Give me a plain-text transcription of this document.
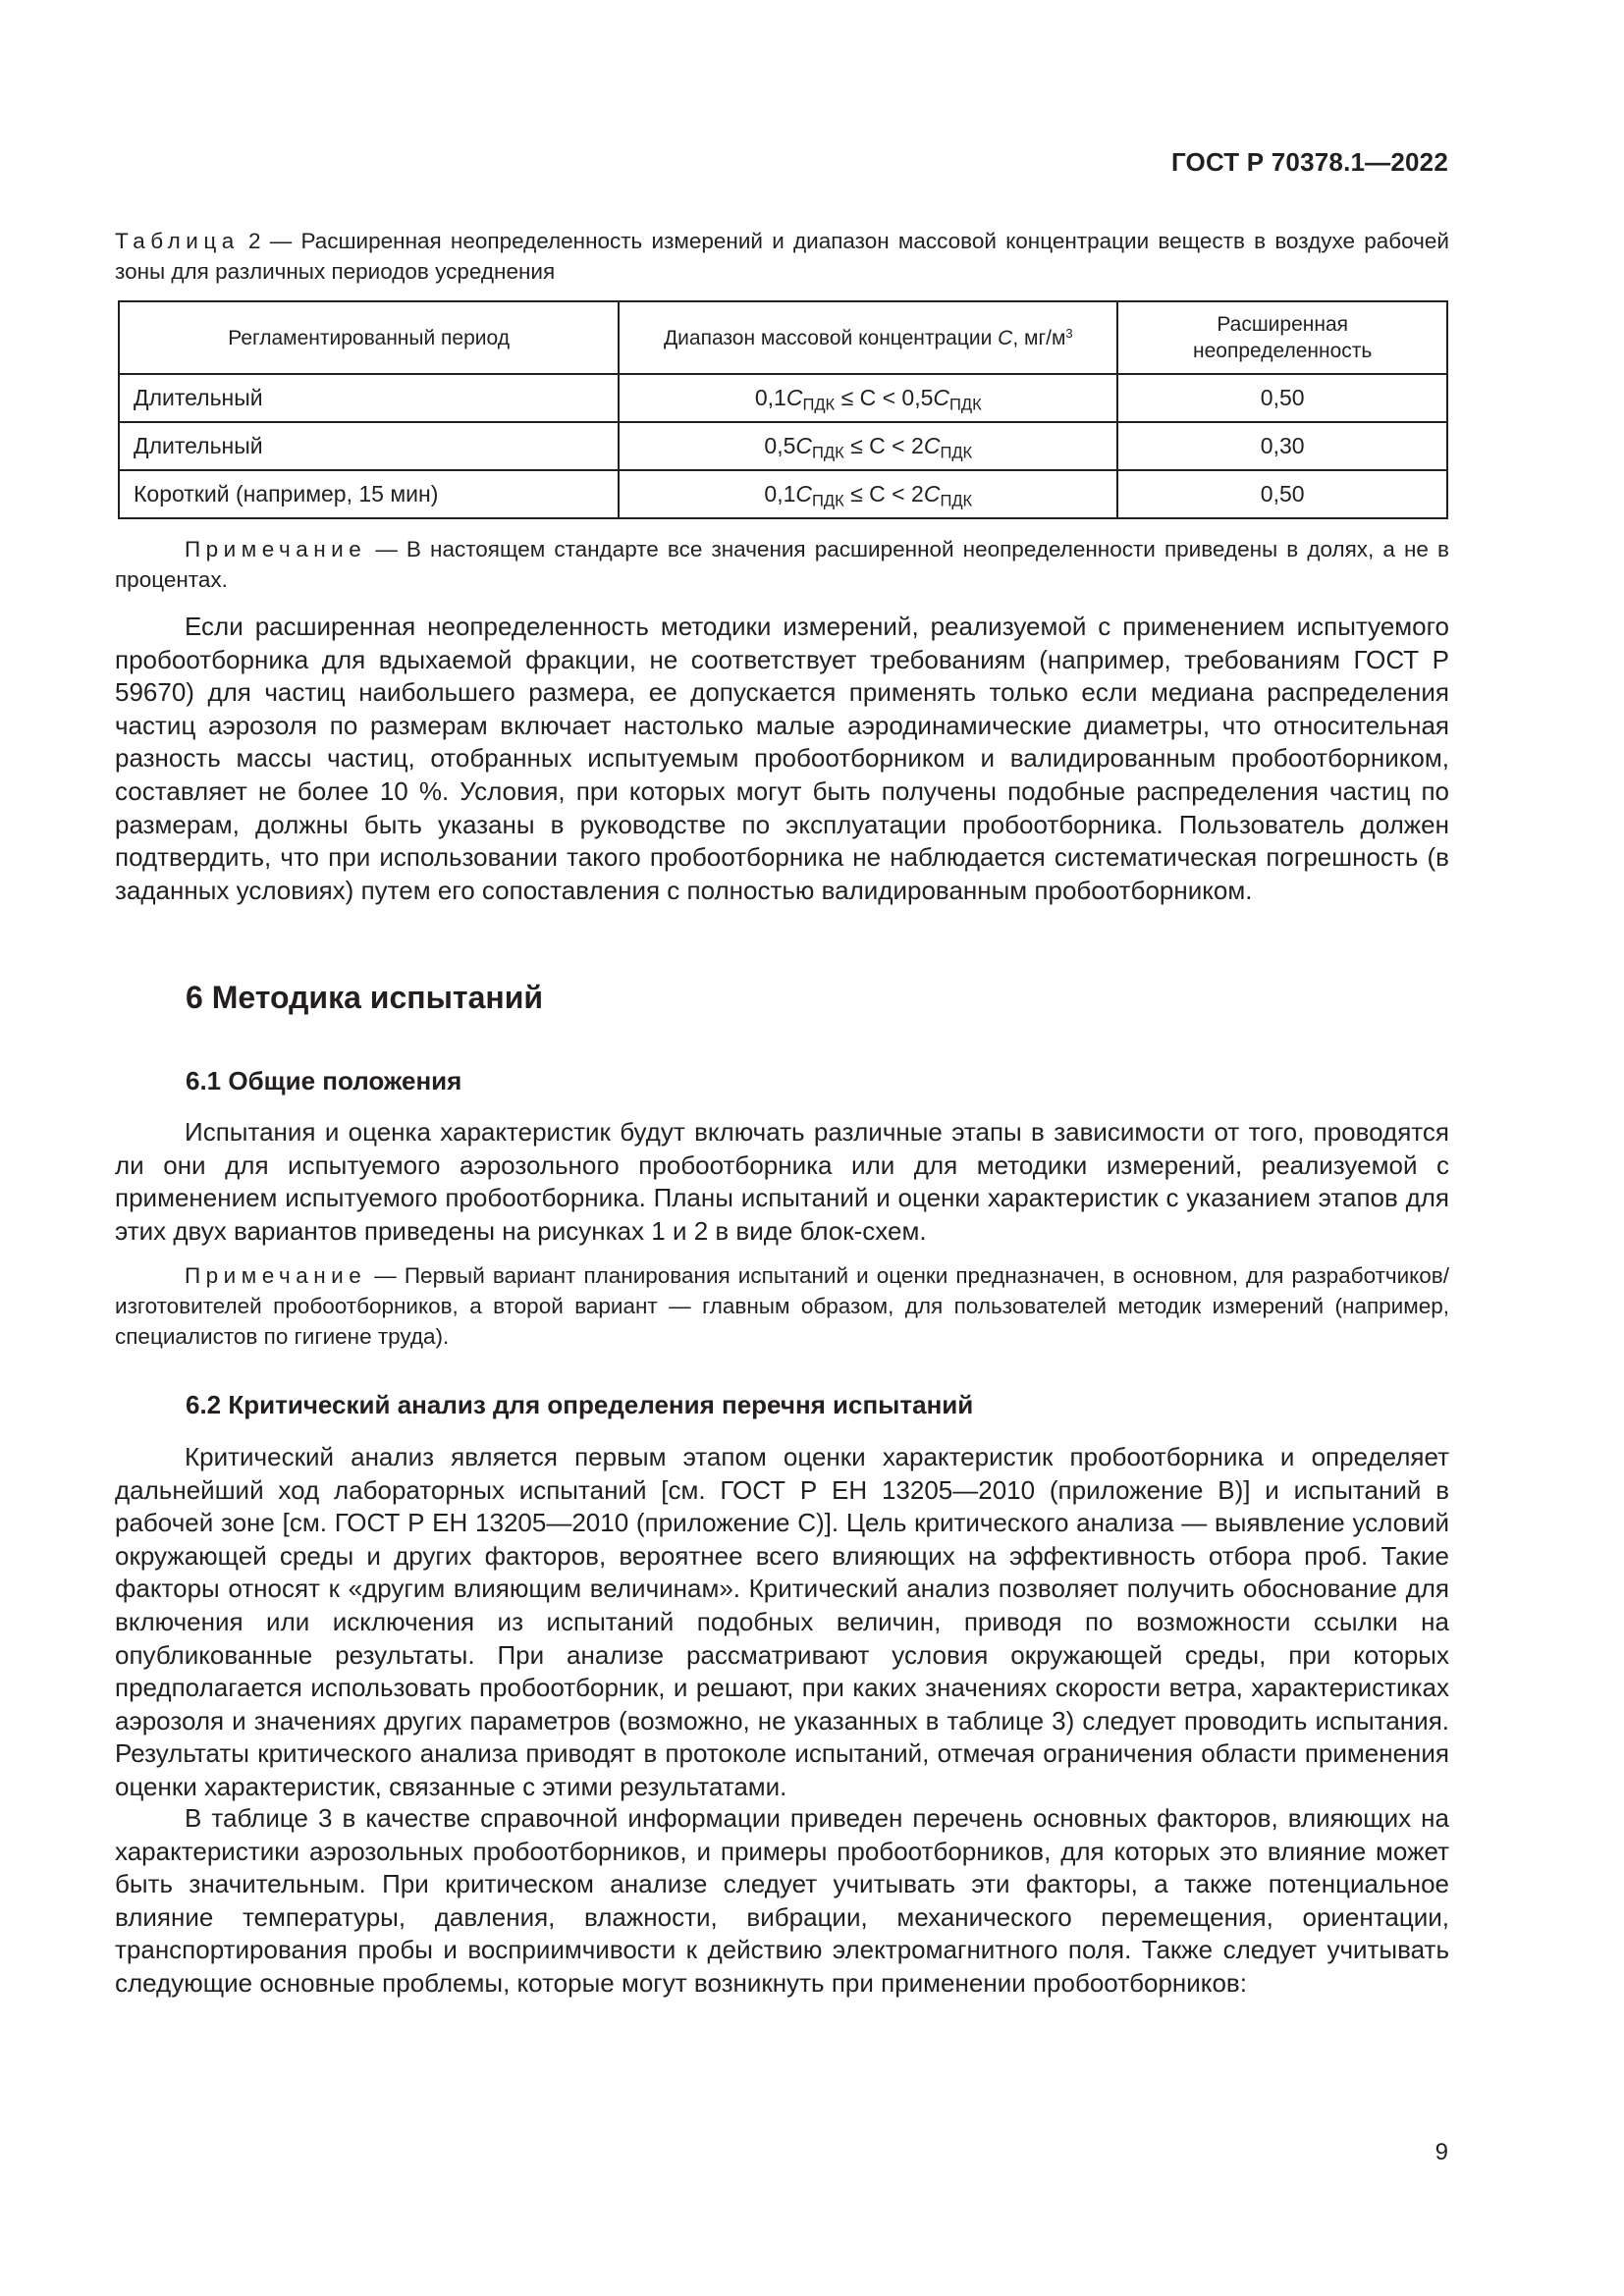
ГОСТ Р 70378.1—2022
Таблица 2 — Расширенная неопределенность измерений и диапазон массовой концентрации веществ в воздухе рабочей зоны для различных периодов усреднения
Регламентированный период	Диапазон массовой концентрации C, $мг/м^3$	Расширенная
неопределенность
Длительный	$0,1C_{ПДК} \le C < 0,5C_{ПДК}$	0,50
Длительный	$0,5C_{ПДК} \le C < 2C_{ПДК}$	0,30
Короткий (например, 15 мин)	$0,1C_{ПДК} \le C < 2C_{ПДК}$	0,50
Примечание — В настоящем стандарте все значения расширенной неопределенности приведены в долях, а не в процентах.
Если расширенная неопределенность методики измерений, реализуемой с применением испытуемого пробоотборника для вдыхаемой фракции, не соответствует требованиям (например, требованиям ГОСТ Р 59670) для частиц наибольшего размера, ее допускается применять только если медиана распределения частиц аэрозоля по размерам включает настолько малые аэродинамические диаметры, что относительная разность массы частиц, отобранных испытуемым пробоотборником и валидированным пробоотборником, составляет не более 10 %. Условия, при которых могут быть получены подобные распределения частиц по размерам, должны быть указаны в руководстве по эксплуатации пробоотборника. Пользователь должен подтвердить, что при использовании такого пробоотборника не наблюдается систематическая погрешность (в заданных условиях) путем его сопоставления с полностью валидированным пробоотборником.
6 Методика испытаний
6.1 Общие положения
Испытания и оценка характеристик будут включать различные этапы в зависимости от того, проводятся ли они для испытуемого аэрозольного пробоотборника или для методики измерений, реализуемой с применением испытуемого пробоотборника. Планы испытаний и оценки характеристик с указанием этапов для этих двух вариантов приведены на рисунках 1 и 2 в виде блок-схем.
Примечание — Первый вариант планирования испытаний и оценки предназначен, в основном, для разработчиков/изготовителей пробоотборников, а второй вариант — главным образом, для пользователей методик измерений (например, специалистов по гигиене труда).
6.2 Критический анализ для определения перечня испытаний
Критический анализ является первым этапом оценки характеристик пробоотборника и определяет дальнейший ход лабораторных испытаний [см. ГОСТ Р ЕН 13205—2010 (приложение В)] и испытаний в рабочей зоне [см. ГОСТ Р ЕН 13205—2010 (приложение С)]. Цель критического анализа — выявление условий окружающей среды и других факторов, вероятнее всего влияющих на эффективность отбора проб. Такие факторы относят к «другим влияющим величинам». Критический анализ позволяет получить обоснование для включения или исключения из испытаний подобных величин, приводя по возможности ссылки на опубликованные результаты. При анализе рассматривают условия окружающей среды, при которых предполагается использовать пробоотборник, и решают, при каких значениях скорости ветра, характеристиках аэрозоля и значениях других параметров (возможно, не указанных в таблице 3) следует проводить испытания. Результаты критического анализа приводят в протоколе испытаний, отмечая ограничения области применения оценки характеристик, связанные с этими результатами.
В таблице 3 в качестве справочной информации приведен перечень основных факторов, влияющих на характеристики аэрозольных пробоотборников, и примеры пробоотборников, для которых это влияние может быть значительным. При критическом анализе следует учитывать эти факторы, а также потенциальное влияние температуры, давления, влажности, вибрации, механического перемещения, ориентации, транспортирования пробы и восприимчивости к действию электромагнитного поля. Также следует учитывать следующие основные проблемы, которые могут возникнуть при применении пробоотборников:
9
